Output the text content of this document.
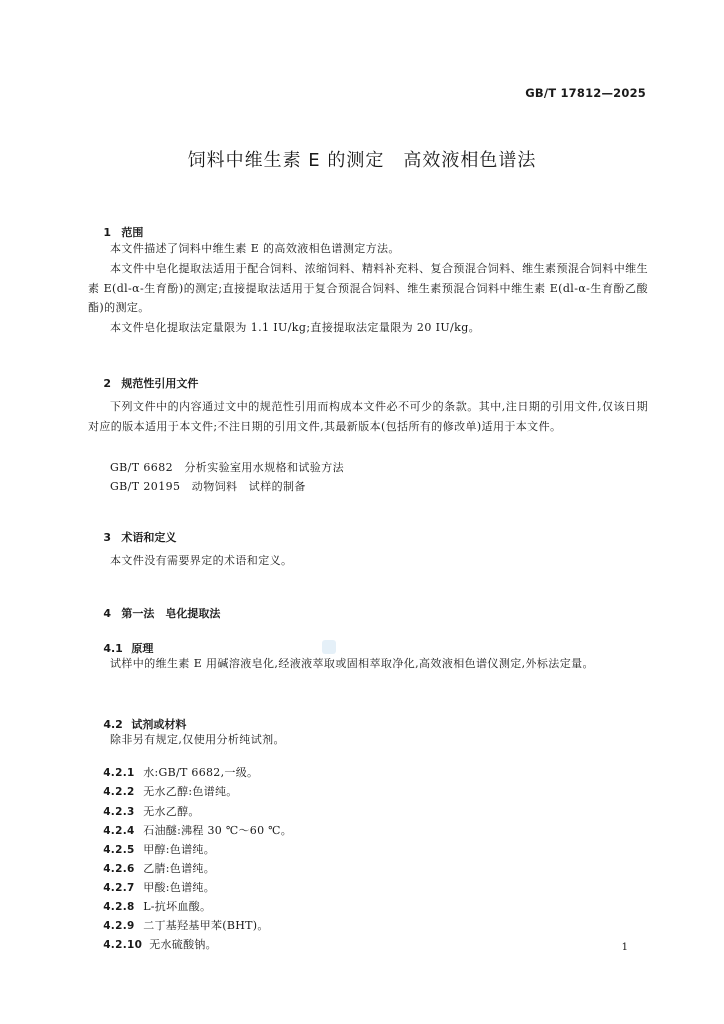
GB/T 17812—2025
饲料中维生素 E 的测定　高效液相色谱法

1 范围

本文件描述了饲料中维生素 E 的高效液相色谱测定方法。
本文件中皂化提取法适用于配合饲料、浓缩饲料、精料补充料、复合预混合饲料、维生素预混合饲料中维生素 E(dl-α-生育酚)的测定;直接提取法适用于复合预混合饲料、维生素预混合饲料中维生素 E(dl-α-生育酚乙酸酯)的测定。
本文件皂化提取法定量限为 1.1 IU/kg;直接提取法定量限为 20 IU/kg。

2 规范性引用文件

下列文件中的内容通过文中的规范性引用而构成本文件必不可少的条款。其中,注日期的引用文件,仅该日期对应的版本适用于本文件;不注日期的引用文件,其最新版本(包括所有的修改单)适用于本文件。
GB/T 6682　分析实验室用水规格和试验方法
GB/T 20195　动物饲料　试样的制备

3 术语和定义

本文件没有需要界定的术语和定义。

4 第一法　皂化提取法

4.1 原理

试样中的维生素 E 用碱溶液皂化,经液液萃取或固相萃取净化,高效液相色谱仪测定,外标法定量。

4.2 试剂或材料

除非另有规定,仅使用分析纯试剂。

4.2.1 水:GB/T 6682,一级。

4.2.2 无水乙醇:色谱纯。

4.2.3 无水乙醇。

4.2.4 石油醚:沸程 30 ℃～60 ℃。

4.2.5 甲醇:色谱纯。

4.2.6 乙腈:色谱纯。

4.2.7 甲酸:色谱纯。

4.2.8 L-抗坏血酸。

4.2.9 二丁基羟基甲苯(BHT)。

4.2.10 无水硫酸钠。
	1
